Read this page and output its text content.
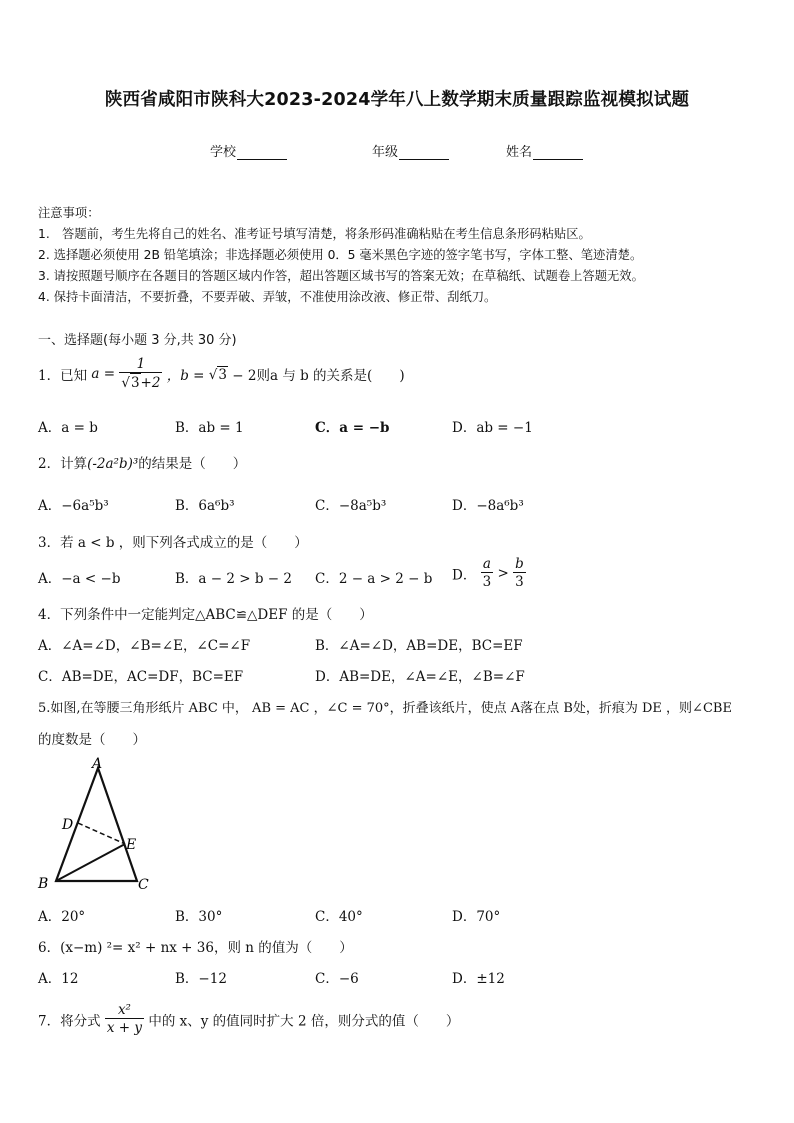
陕西省咸阳市陕科大2023-2024学年八上数学期末质量跟踪监视模拟试题
学校	年级	姓名
注意事项：
1.　答题前，考生先将自己的姓名、准考证号填写清楚，将条形码准确粘贴在考生信息条形码粘贴区。
2. 选择题必须使用 2B 铅笔填涂；非选择题必须使用 0．5 毫米黑色字迹的签字笔书写，字体工整、笔迹清楚。
3. 请按照题号顺序在各题目的答题区域内作答，超出答题区域书写的答案无效；在草稿纸、试题卷上答题无效。
4. 保持卡面清洁，不要折叠，不要弄破、弄皱，不准使用涂改液、修正带、刮纸刀。
一、选择题(每小题 3 分,共 30 分)
1．已知 $a = \frac{1}{√3+2}$ ，b = √3 − 2则a 与 b 的关系是(　　)
A．a = b	B．ab = 1	C．a = −b	D．ab = −1
2．计算(-2a²b)³的结果是（　　）
A．−6a⁵b³	B．6a⁶b³	C．−8a⁵b³	D．−8a⁶b³
3．若 a < b ，则下列各式成立的是（　　）
A．−a < −b	B．a − 2 > b − 2 C．2 − a > 2 − b D． $\frac{a}{3} > \frac{b}{3}$
4．下列条件中一定能判定△ABC≌△DEF 的是（　　）
A．∠A=∠D，∠B=∠E，∠C=∠F	B．∠A=∠D，AB=DE，BC=EF
C．AB=DE，AC=DF，BC=EF	D．AB=DE，∠A=∠E，∠B=∠F
5.如图,在等腰三角形纸片 ABC 中， AB = AC ，∠C = 70°，折叠该纸片，使点 A落在点 B处，折痕为 DE ，则∠CBE
的度数是（　　）
A
D
E
B	C
A．20°	B．30°	C．40°	D．70°
6．(x−m) ²= x² + nx + 36，则 n 的值为（　　）
A．12	B．−12	C．−6	D．±12
7．将分式 $\frac{\text{x²}}{x + y}$ 中的 x、y 的值同时扩大 2 倍，则分式的值（　　）
